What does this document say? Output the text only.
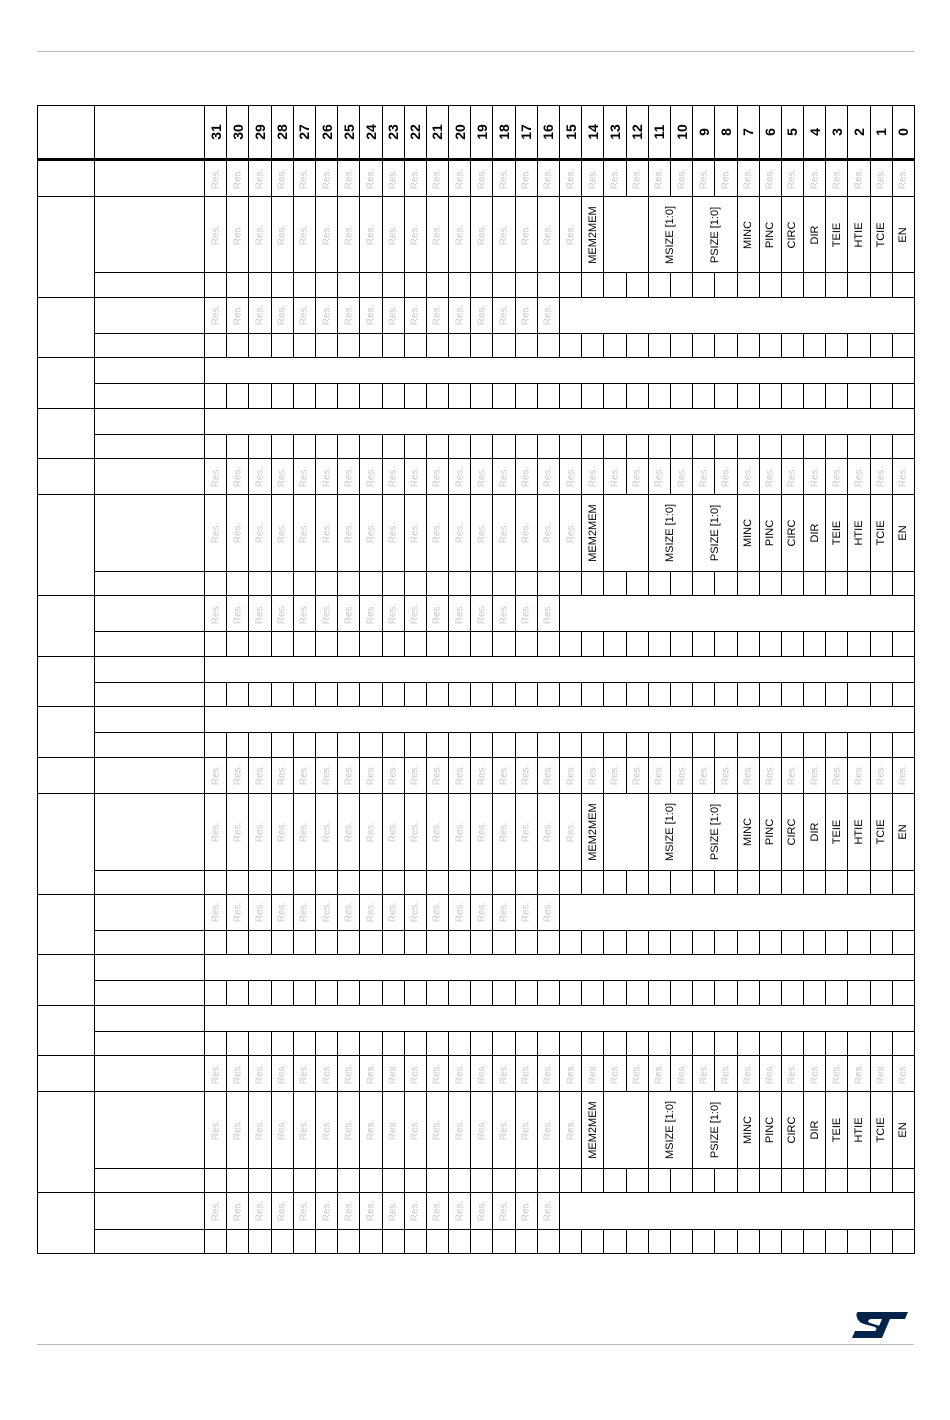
		31	30	29	28	27	26	25	24	23	22	21	20	19	18	17	16	15	14	13	12	11	10	9	8	7	6	5	4	3	2	1	0

		Res.	Res.	Res.	Res.	Res.	Res.	Res.	Res.	Res.	Res.	Res.	Res.	Res.	Res.	Res.	Res.	Res.	Res.	Res.	Res.	Res.	Res.	Res.	Res.	Res.	Res.	Res.	Res.	Res.	Res.	Res.	Res.

		Res.	Res.	Res.	Res.	Res.	Res.	Res.	Res.	Res.	Res.	Res.	Res.	Res.	Res.	Res.	Res.	Res.	MEM2MEM			MSIZE [1:0]		PSIZE [1:0]		MINC	PINC	CIRC	DIR	TEIE	HTIE	TCIE	EN

		Res.	Res.	Res.	Res.	Res.	Res.	Res.	Res.	Res.	Res.	Res.	Res.	Res.	Res.	Res.	Res.																

		Res.	Res.	Res.	Res.	Res.	Res.	Res.	Res.	Res.	Res.	Res.	Res.	Res.	Res.	Res.	Res.	Res.	Res.	Res.	Res.	Res.	Res.	Res.	Res.	Res.	Res.	Res.	Res.	Res.	Res.	Res.	Res.

		Res.	Res.	Res.	Res.	Res.	Res.	Res.	Res.	Res.	Res.	Res.	Res.	Res.	Res.	Res.	Res.	Res.	MEM2MEM			MSIZE [1:0]		PSIZE [1:0]		MINC	PINC	CIRC	DIR	TEIE	HTIE	TCIE	EN

		Res.	Res.	Res.	Res.	Res.	Res.	Res.	Res.	Res.	Res.	Res.	Res.	Res.	Res.	Res.	Res.																

		Res.	Res.	Res.	Res.	Res.	Res.	Res.	Res.	Res.	Res.	Res.	Res.	Res.	Res.	Res.	Res.	Res.	Res.	Res.	Res.	Res.	Res.	Res.	Res.	Res.	Res.	Res.	Res.	Res.	Res.	Res.	Res.

		Res.	Res.	Res.	Res.	Res.	Res.	Res.	Res.	Res.	Res.	Res.	Res.	Res.	Res.	Res.	Res.	Res.	MEM2MEM			MSIZE [1:0]		PSIZE [1:0]		MINC	PINC	CIRC	DIR	TEIE	HTIE	TCIE	EN

		Res.	Res.	Res.	Res.	Res.	Res.	Res.	Res.	Res.	Res.	Res.	Res.	Res.	Res.	Res.	Res.																

		Res.	Res.	Res.	Res.	Res.	Res.	Res.	Res.	Res.	Res.	Res.	Res.	Res.	Res.	Res.	Res.	Res.	Res.	Res.	Res.	Res.	Res.	Res.	Res.	Res.	Res.	Res.	Res.	Res.	Res.	Res.	Res.

		Res.	Res.	Res.	Res.	Res.	Res.	Res.	Res.	Res.	Res.	Res.	Res.	Res.	Res.	Res.	Res.	Res.	MEM2MEM			MSIZE [1:0]		PSIZE [1:0]		MINC	PINC	CIRC	DIR	TEIE	HTIE	TCIE	EN

		Res.	Res.	Res.	Res.	Res.	Res.	Res.	Res.	Res.	Res.	Res.	Res.	Res.	Res.	Res.	Res.																
